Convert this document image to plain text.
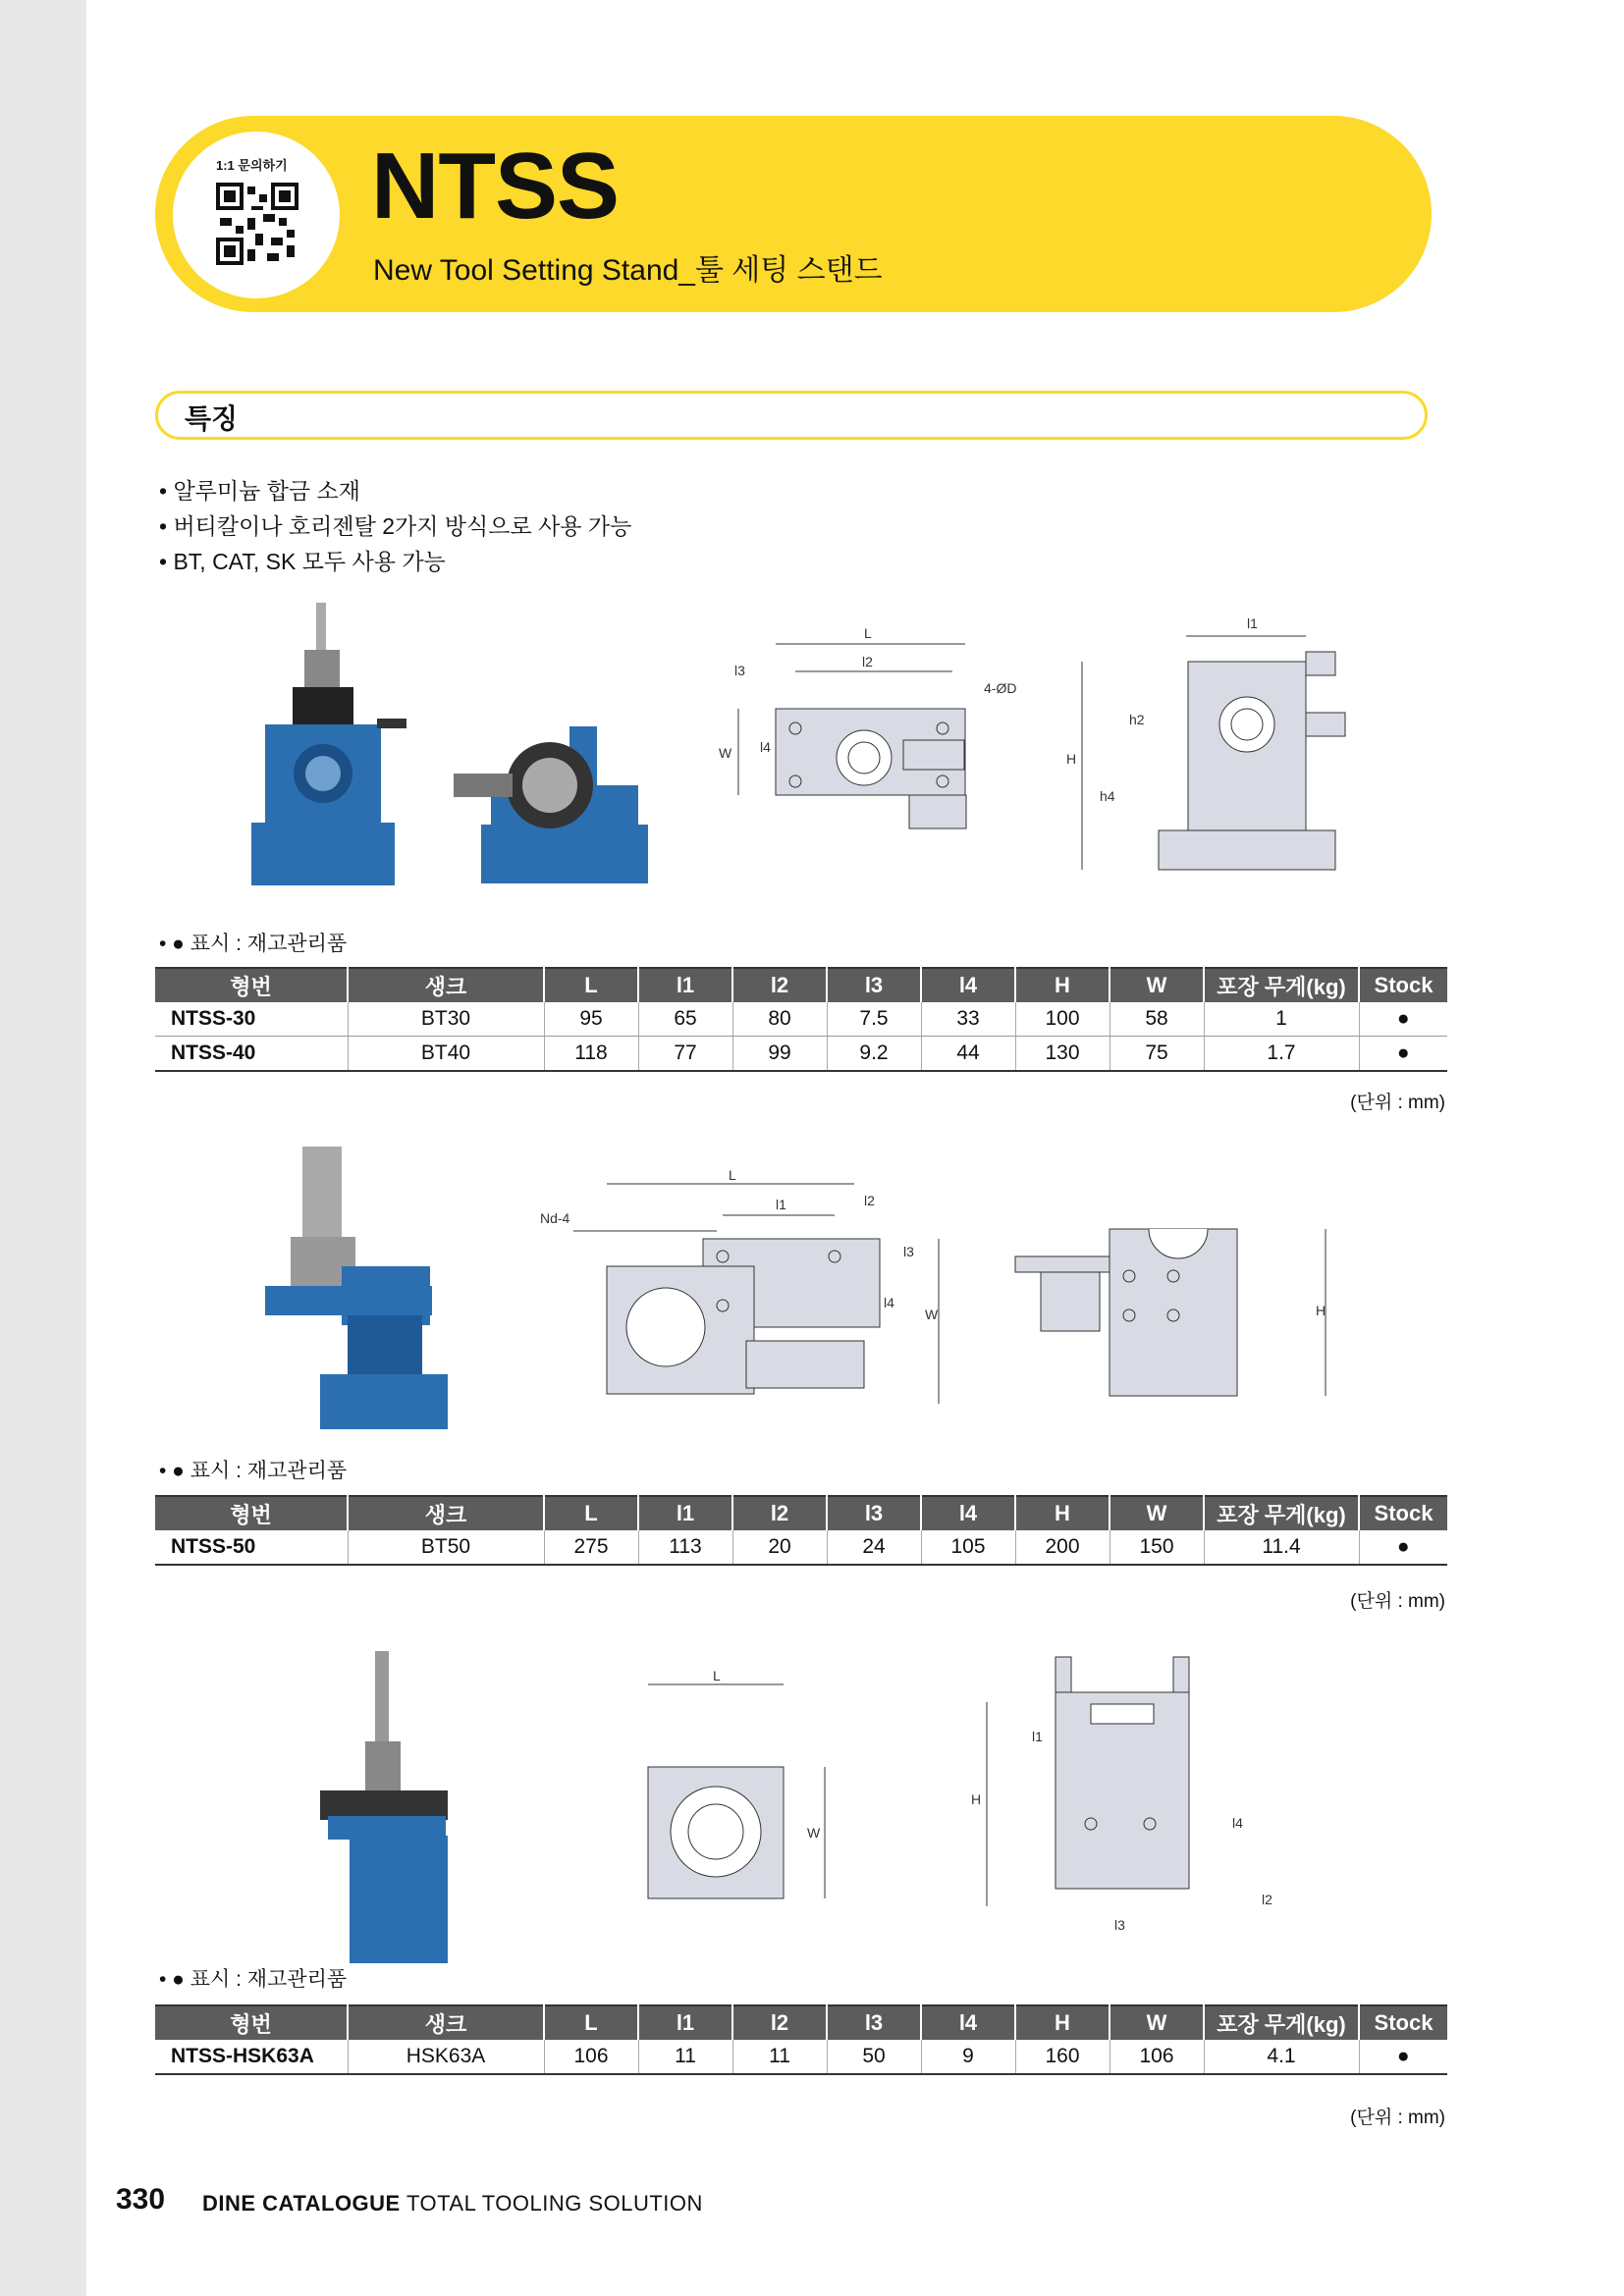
1:1 문의하기 NTSS
New Tool Setting Stand_툴 세팅 스탠드
특징
• 알루미늄 합금 소재
• 버티칼이나 호리젠탈 2가지 방식으로 사용 가능
• BT, CAT, SK 모두 사용 가능
L
l3
l2
4-ØD
W l4
l1
H
h2
h4
• ● 표시 : 재고관리품
형번	생크	L	l1	l2	l3	l4	H	W	포장 무게(kg)	Stock
NTSS-30	BT30	95	65	80	7.5	33	100	58	1	●
NTSS-40	BT40	118	77	99	9.2	44	130	75	1.7	●
(단위 : mm)
L
l1	l2
Nd-4
l3
l4
W	H
• ● 표시 : 재고관리품
형번	생크	L	l1	l2	l3	l4	H	W	포장 무게(kg)	Stock
NTSS-50	BT50	275	113	20	24	105	200	150	11.4	●
(단위 : mm)
L
W
H
l1
l4
l2
l3
• ● 표시 : 재고관리품
형번	생크	L	l1	l2	l3	l4	H	W	포장 무게(kg)	Stock
NTSS-HSK63A	HSK63A	106	11	11	50	9	160	106	4.1	●
(단위 : mm)
330 DINE CATALOGUE TOTAL TOOLING SOLUTION
